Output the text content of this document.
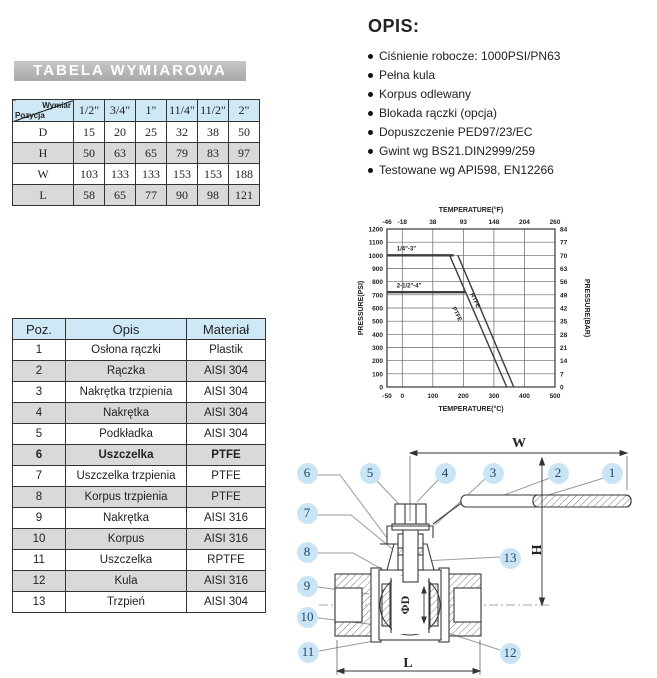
TABELA WYMIAROWA
Wymiar
Pozycja	1/2"	3/4"	1"	11/4"	11/2"	2"
D	15	20	25	32	38	50
H	50	63	65	79	83	97
W	103	133	133	153	153	188
L	58	65	77	90	98	121
OPIS:
Ciśnienie robocze: 1000PSI/PN63
Pełna kula
Korpus odlewany
Blokada rączki (opcja)
Dopuszczenie PED97/23/EC
Gwint wg BS21.DIN2999/259
Testowane wg API598, EN12266
-50
-46
0
-18
100
38
200
93
300
148
400
204
500
260
0
100
200
300
400
500
600
700
800
900
1000
1100
1200
0
7
14
21
28
35
42
49
56
63
70
77
84
1/4"-3"
2-1/2"-4"
PTFE
RTFE
TEMPERATURE(°F)
TEMPERATURE(°C)
PRESSURE(PSI)	PRESSURE(BAR)
Poz.	Opis	Materiał
1	Osłona rączki	Plastik
2	Rączka	AISI 304
3	Nakrętka trzpienia	AISI 304
4	Nakrętka	AISI 304
5	Podkładka	AISI 304
6	Uszczelka	PTFE
7	Uszczelka trzpienia	PTFE
8	Korpus trzpienia	PTFE
9	Nakrętka	AISI 316
10	Korpus	AISI 316
11	Uszczelka	RPTFE
12	Kula	AISI 316
13	Trzpień	AISI 304
W
H
L
ΦD
1
2
3
4
5
6
7
8
9
10
11	12
13
